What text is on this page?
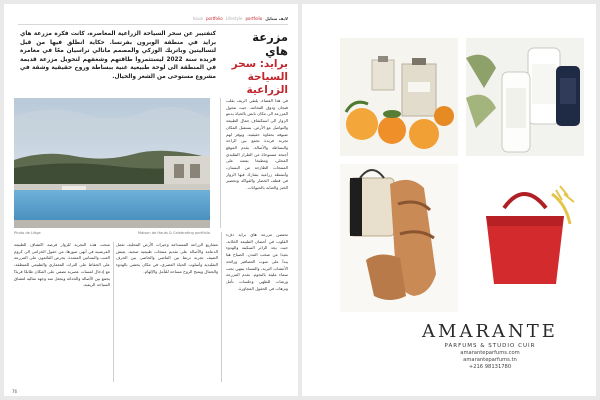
Issue portfolio Lifestyle portfolio لايف ستايل
مزرعة هاي
برايد: سحر
السياحة الزراعية
كتفتيبر عن سحر السياحة الزراعية المعاصرة، كانت فكرة مزرعة هاي برايد في منطقة الوبرون بفرنسا. حكاية انطلق فيها من قبل لتساليتين وباتريك الوزكي والمصمم مانالي تراسيان معًا في مغامرة فريدة سنة 2022 ليستثمروا طاقتهم وشغفهم لتحويل مزرعة قديمة في المنطقة الى لوحة طبيعية غنية ببساطة وروح حقيقية وشقة في مشروع مستوحى من الشعر والخيال.
Photo de Liège	Maison de Hauts & Celebrating portfolio
في هذا الفضاء، يلتقي الريف بقلب فنجان وذوق الفخامة، حيث تتحول المزرعة الى مكان نابض بالحياة يدعو الزوار الى استكشاف جمال الطبيعة والتواصل مع الأرض. يستقبل المكان ضيوفه بحفاوة حقيقية، ويوفر لهم تجربة فريدة تجمع بين الراحة والبساطة والأصالة. يقدم الموقع أجنحة مستوحاة من الطراز التقليدي المحلي، ومطبخا يعتمد على المنتجات الطازجة من البستان، وأنشطة زراعية يشارك فيها الزوار في قطف الخضار والفواكه وتحضير الخبز والعناية بالحيوانات.
تحتضن مزرعة هاي برايد دفء القلوب في أحضان الطبيعة الخلابة، حيث يجد الزائر السكينة والهدوء بعيدا عن صخب المدن. الصباح هنا يبدأ على صوت العصافير ورائحة الأعشاب البرية، والمساء ينتهي تحت سماء مليئة بالنجوم. تقدم المزرعة ورشات للطهي وجلسات تأمل ونزهات في الحقول المجاورة.
مشاريع الزراعة المستدامة وخيرات الأرض المحلية، تعمل الدعامة والأصالة على تقديم منتجات طبيعية صحية. يعيش الضيف تجربة تربط بين الماضي والحاضر، بين الحرف التقليدية وأسلوب الحياة العصري، في مكان يحتفي بالهدوء والجمال ويمنح الروح مساحة للتأمل والإلهام.
منحت هذه التجربة للزوار فرصة اكتشاف الطبيعة الفرنسية في أبهى صورها، من حقول الخزامى الى كروم العنب والبساتين الممتدة. يحرص القائمون على المزرعة على الحفاظ على التراث المعماري والطبيعي للمنطقة، مع إدخال لمسات عصرية تضفي على المكان طابعًا فريدًا يجمع بين الأصالة والحداثة ويجعل منه وجهة مثالية لعشاق السياحة الريفية.
76
AMARANTE
PARFUMS & STUDIO CUIR
amaranteparfums.com
amaranteparfums.tn
+216 98131780
